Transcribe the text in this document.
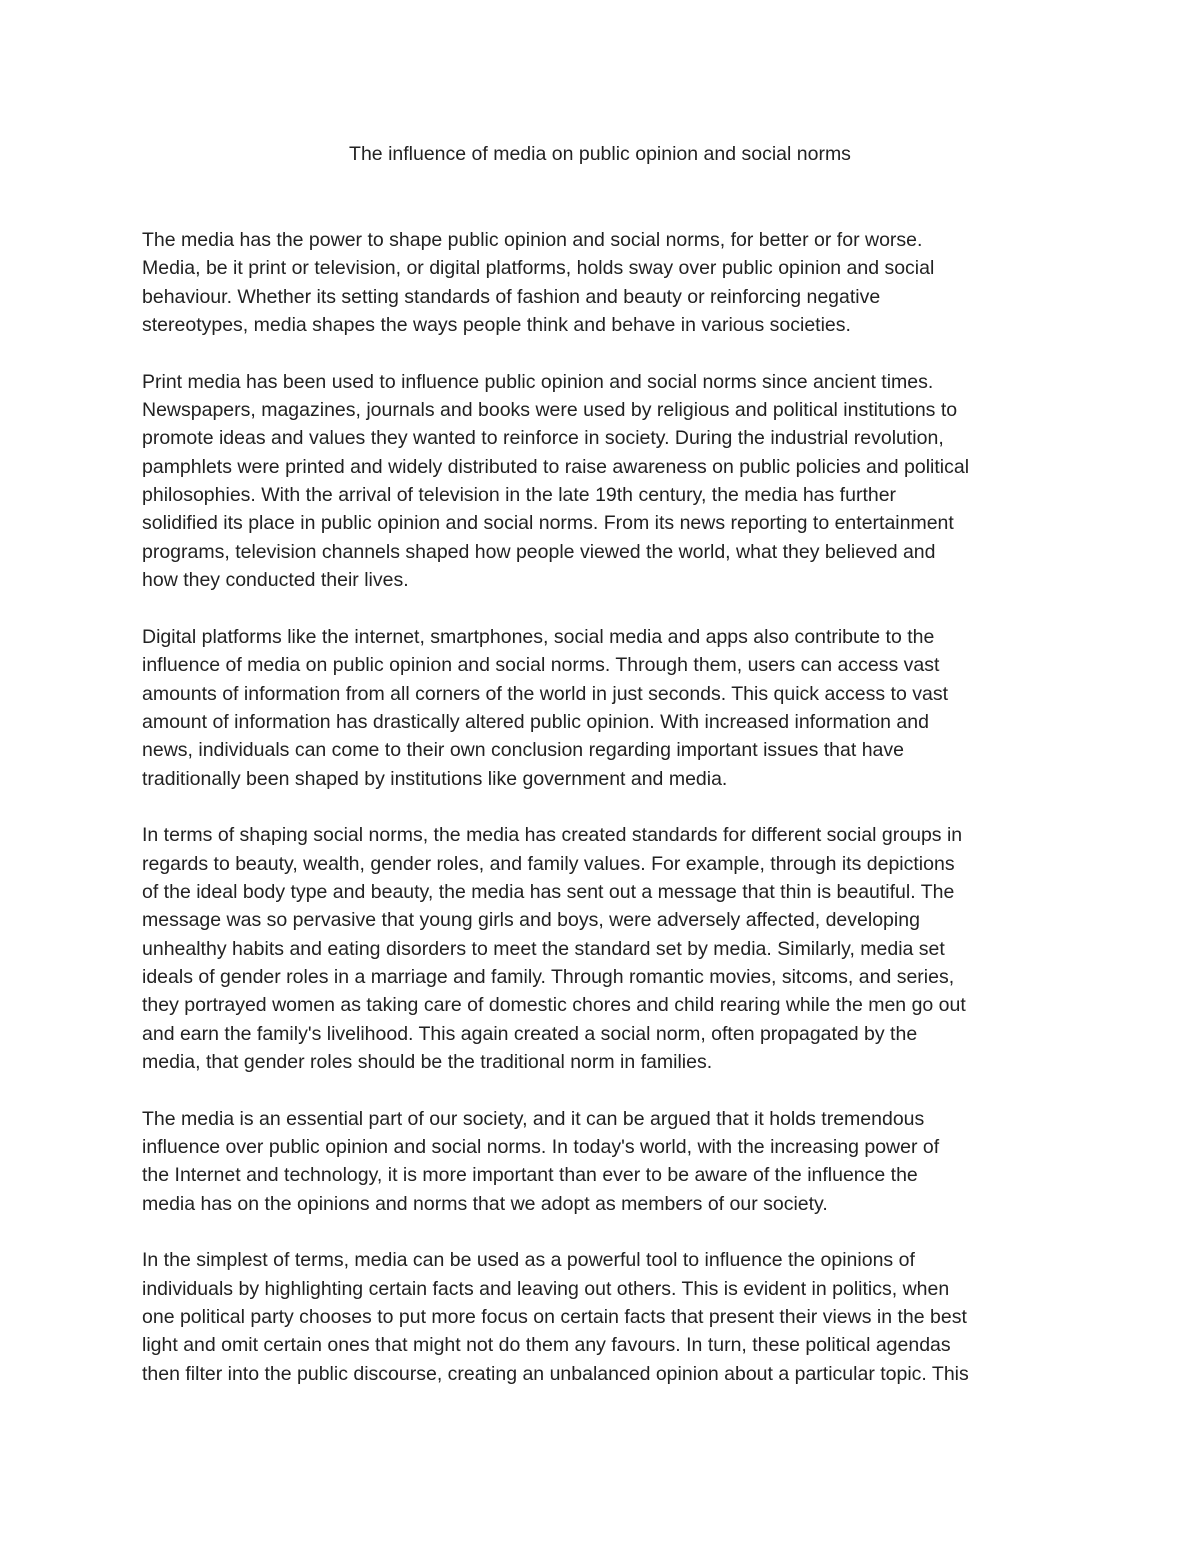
The influence of media on public opinion and social norms

The media has the power to shape public opinion and social norms, for better or for worse.
Media, be it print or television, or digital platforms, holds sway over public opinion and social
behaviour. Whether its setting standards of fashion and beauty or reinforcing negative
stereotypes, media shapes the ways people think and behave in various societies.

Print media has been used to influence public opinion and social norms since ancient times.
Newspapers, magazines, journals and books were used by religious and political institutions to
promote ideas and values they wanted to reinforce in society. During the industrial revolution,
pamphlets were printed and widely distributed to raise awareness on public policies and political
philosophies. With the arrival of television in the late 19th century, the media has further
solidified its place in public opinion and social norms. From its news reporting to entertainment
programs, television channels shaped how people viewed the world, what they believed and
how they conducted their lives.

Digital platforms like the internet, smartphones, social media and apps also contribute to the
influence of media on public opinion and social norms. Through them, users can access vast
amounts of information from all corners of the world in just seconds. This quick access to vast
amount of information has drastically altered public opinion. With increased information and
news, individuals can come to their own conclusion regarding important issues that have
traditionally been shaped by institutions like government and media.

In terms of shaping social norms, the media has created standards for different social groups in
regards to beauty, wealth, gender roles, and family values. For example, through its depictions
of the ideal body type and beauty, the media has sent out a message that thin is beautiful. The
message was so pervasive that young girls and boys, were adversely affected, developing
unhealthy habits and eating disorders to meet the standard set by media. Similarly, media set
ideals of gender roles in a marriage and family. Through romantic movies, sitcoms, and series,
they portrayed women as taking care of domestic chores and child rearing while the men go out
and earn the family's livelihood. This again created a social norm, often propagated by the
media, that gender roles should be the traditional norm in families.

The media is an essential part of our society, and it can be argued that it holds tremendous
influence over public opinion and social norms. In today's world, with the increasing power of
the Internet and technology, it is more important than ever to be aware of the influence the
media has on the opinions and norms that we adopt as members of our society.

In the simplest of terms, media can be used as a powerful tool to influence the opinions of
individuals by highlighting certain facts and leaving out others. This is evident in politics, when
one political party chooses to put more focus on certain facts that present their views in the best
light and omit certain ones that might not do them any favours. In turn, these political agendas
then filter into the public discourse, creating an unbalanced opinion about a particular topic. This
